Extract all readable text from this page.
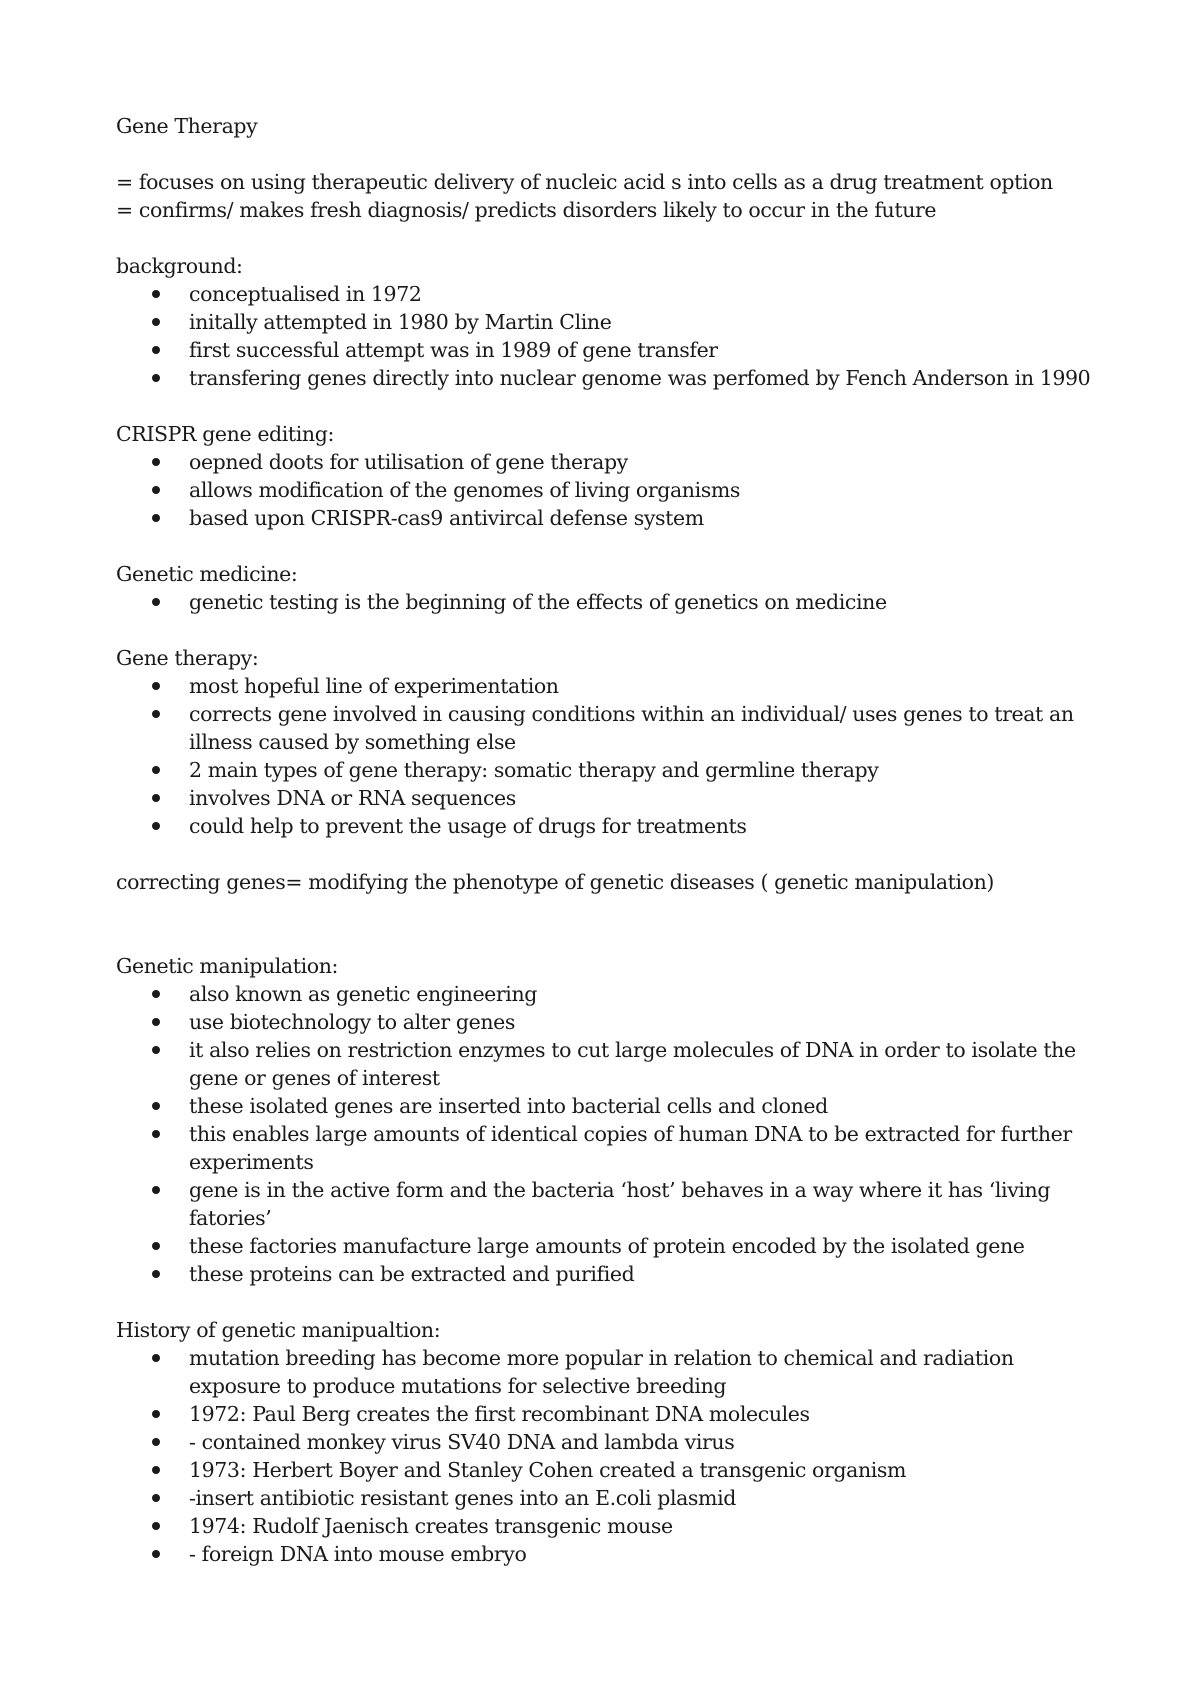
Gene Therapy

= focuses on using therapeutic delivery of nucleic acid s into cells as a drug treatment option

= confirms/ makes fresh diagnosis/ predicts disorders likely to occur in the future

background:

conceptualised in 1972
initally attempted in 1980 by Martin Cline
first successful attempt was in 1989 of gene transfer
transfering genes directly into nuclear genome was perfomed by Fench Anderson in 1990

CRISPR gene editing:

oepned doots for utilisation of gene therapy
allows modification of the genomes of living organisms
based upon CRISPR-cas9 antivircal defense system

Genetic medicine:

genetic testing is the beginning of the effects of genetics on medicine

Gene therapy:

most hopeful line of experimentation
corrects gene involved in causing conditions within an individual/ uses genes to treat an illness caused by something else
2 main types of gene therapy: somatic therapy and germline therapy
involves DNA or RNA sequences
could help to prevent the usage of drugs for treatments

correcting genes= modifying the phenotype of genetic diseases ( genetic manipulation)

Genetic manipulation:

also known as genetic engineering
use biotechnology to alter genes
it also relies on restriction enzymes to cut large molecules of DNA in order to isolate the gene or genes of interest
these isolated genes are inserted into bacterial cells and cloned
this enables large amounts of identical copies of human DNA to be extracted for further experiments
gene is in the active form and the bacteria ‘host’ behaves in a way where it has ‘living fatories’
these factories manufacture large amounts of protein encoded by the isolated gene
these proteins can be extracted and purified

History of genetic manipualtion:

mutation breeding has become more popular in relation to chemical and radiation exposure to produce mutations for selective breeding
1972: Paul Berg creates the first recombinant DNA molecules
- contained monkey virus SV40 DNA and lambda virus
1973: Herbert Boyer and Stanley Cohen created a transgenic organism
-insert antibiotic resistant genes into an E.coli plasmid
1974: Rudolf Jaenisch creates transgenic mouse
- foreign DNA into mouse embryo
